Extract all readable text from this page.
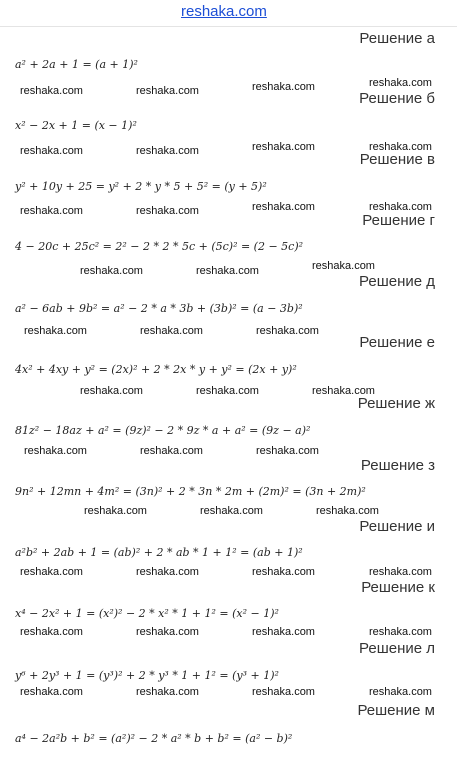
reshaka.com
Решение а
a² + 2a + 1 = (a + 1)²
reshaka.com
reshaka.com
reshaka.com	reshaka.com	Решение б
x² − 2x + 1 = (x − 1)²
reshaka.com	reshaka.com
reshaka.com	reshaka.com	Решение в
y² + 10y + 25 = y² + 2 * y * 5 + 5² = (y + 5)²
reshaka.com	reshaka.com
reshaka.com	reshaka.com
Решение г
4 − 20c + 25c² = 2² − 2 * 2 * 5c + (5c)² = (2 − 5c)²
reshaka.com
reshaka.com	reshaka.com
Решение д
a² − 6ab + 9b² = a² − 2 * a * 3b + (3b)² = (a − 3b)²
reshaka.com	reshaka.com	reshaka.com
Решение е
4x² + 4xy + y² = (2x)² + 2 * 2x * y + y² = (2x + y)²
reshaka.com	reshaka.com	reshaka.com
Решение ж
81z² − 18az + a² = (9z)² − 2 * 9z * a + a² = (9z − a)²
reshaka.com	reshaka.com	reshaka.com
Решение з
9n² + 12mn + 4m² = (3n)² + 2 * 3n * 2m + (2m)² = (3n + 2m)²
reshaka.com	reshaka.com	reshaka.com
Решение и
a²b² + 2ab + 1 = (ab)² + 2 * ab * 1 + 1² = (ab + 1)²
reshaka.com	reshaka.com	reshaka.com	reshaka.com
Решение к
x⁴ − 2x² + 1 = (x²)² − 2 * x² * 1 + 1² = (x² − 1)²
reshaka.com	reshaka.com	reshaka.com	reshaka.com
Решение л
y⁶ + 2y³ + 1 = (y³)² + 2 * y³ * 1 + 1² = (y³ + 1)²
reshaka.com	reshaka.com	reshaka.com	reshaka.com
Решение м
a⁴ − 2a²b + b² = (a²)² − 2 * a² * b + b² = (a² − b)²
